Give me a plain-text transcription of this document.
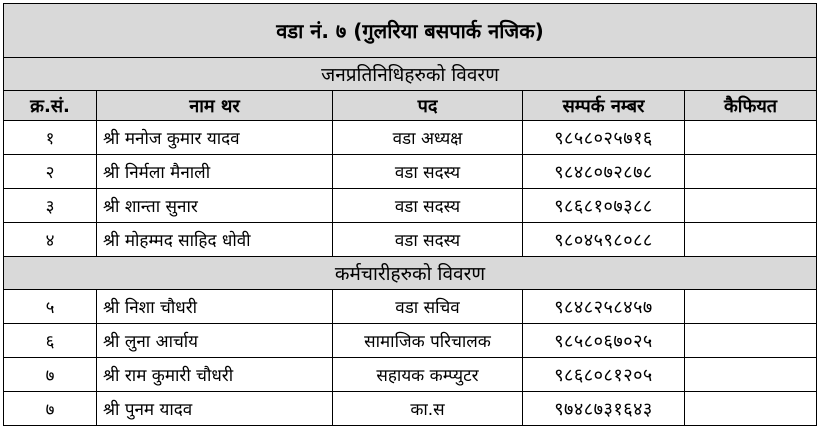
वडा नं. ७ (गुलरिया बसपार्क नजिक)				
जनप्रतिनिधिहरुको विवरण				
क्र.सं.	नाम थर	पद	सम्पर्क नम्बर	कैफियत
१	श्री मनोज कुमार यादव	वडा अध्यक्ष	९८५८०२५७१६	
२	श्री निर्मला मैनाली	वडा सदस्य	९८४८०७२८७८	
३	श्री शान्ता सुनार	वडा सदस्य	९८६८१०७३८८	
४	श्री मोहम्मद साहिद धोवी	वडा सदस्य	९८०४५९८०८८	
कर्मचारीहरुको विवरण				
५	श्री निशा चौधरी	वडा सचिव	९८४८२५८४५७	
६	श्री लुना आर्चाय	सामाजिक परिचालक	९८५८०६७०२५	
७	श्री राम कुमारी चौधरी	सहायक कम्प्युटर	९८६८०८१२०५	
७	श्री पुनम यादव	का.स	९७४८७३१६४३	
